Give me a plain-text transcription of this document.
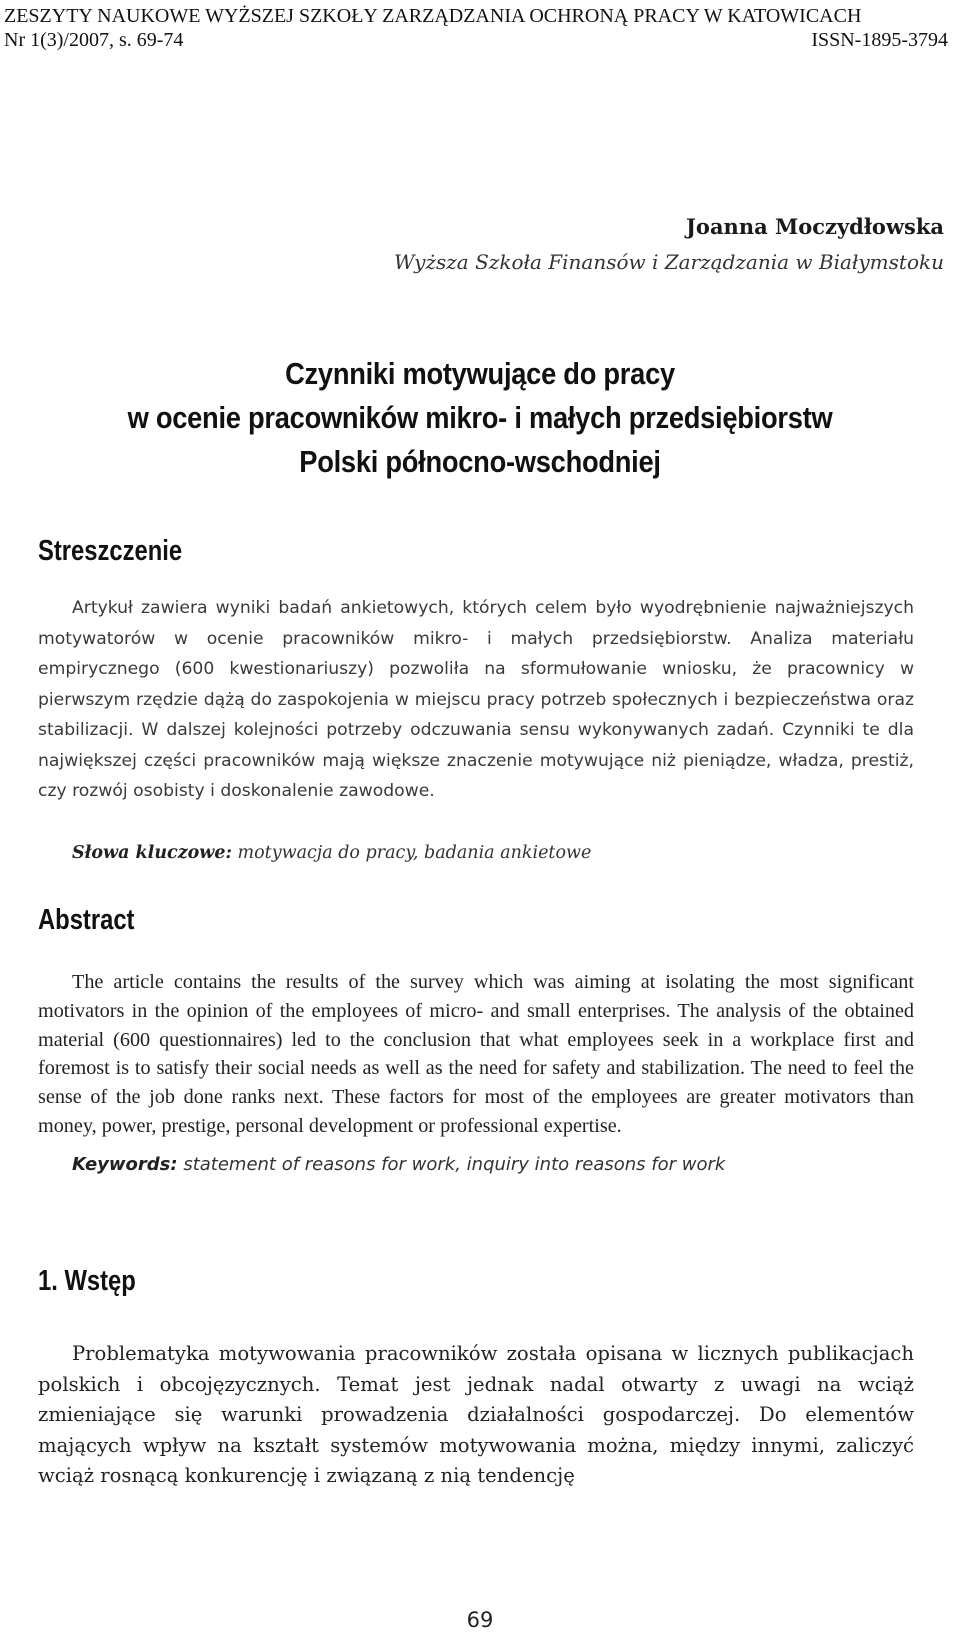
ZESZYTY NAUKOWE WYŻSZEJ SZKOŁY ZARZĄDZANIA OCHRONĄ PRACY W KATOWICACH
Nr 1(3)/2007, s. 69-74	ISSN-1895-3794
Joanna Moczydłowska
Wyższa Szkoła Finansów i Zarządzania w Białymstoku
Czynniki motywujące do pracy
w ocenie pracowników mikro- i małych przedsiębiorstw
Polski północno-wschodniej
Streszczenie
Artykuł zawiera wyniki badań ankietowych, których celem było wyodrębnienie najważniejszych motywatorów w ocenie pracowników mikro- i małych przedsiębiorstw. Analiza materiału empirycznego (600 kwestionariuszy) pozwoliła na sformułowanie wniosku, że pracownicy w pierwszym rzędzie dążą do zaspokojenia w miejscu pracy potrzeb społecznych i bezpieczeństwa oraz stabilizacji. W dalszej kolejności potrzeby odczuwania sensu wykonywanych zadań. Czynniki te dla największej części pracowników mają większe znaczenie motywujące niż pieniądze, władza, prestiż, czy rozwój osobisty i doskonalenie zawodowe.
Słowa kluczowe: motywacja do pracy, badania ankietowe
Abstract
The article contains the results of the survey which was aiming at isolating the most significant motivators in the opinion of the employees of micro- and small enterprises. The analysis of the obtained material (600 questionnaires) led to the conclusion that what employees seek in a workplace first and foremost is to satisfy their social needs as well as the need for safety and stabilization. The need to feel the sense of the job done ranks next. These factors for most of the employees are greater motivators than money, power, prestige, personal development or professional expertise.
Keywords: statement of reasons for work, inquiry into reasons for work
1. Wstęp
Problematyka motywowania pracowników została opisana w licznych publikacjach polskich i obcojęzycznych. Temat jest jednak nadal otwarty z uwagi na wciąż zmieniające się warunki prowadzenia działalności gospodarczej. Do elementów mających wpływ na kształt systemów motywowania można, między innymi, zaliczyć wciąż rosnącą konkurencję i związaną z nią tendencję
69
